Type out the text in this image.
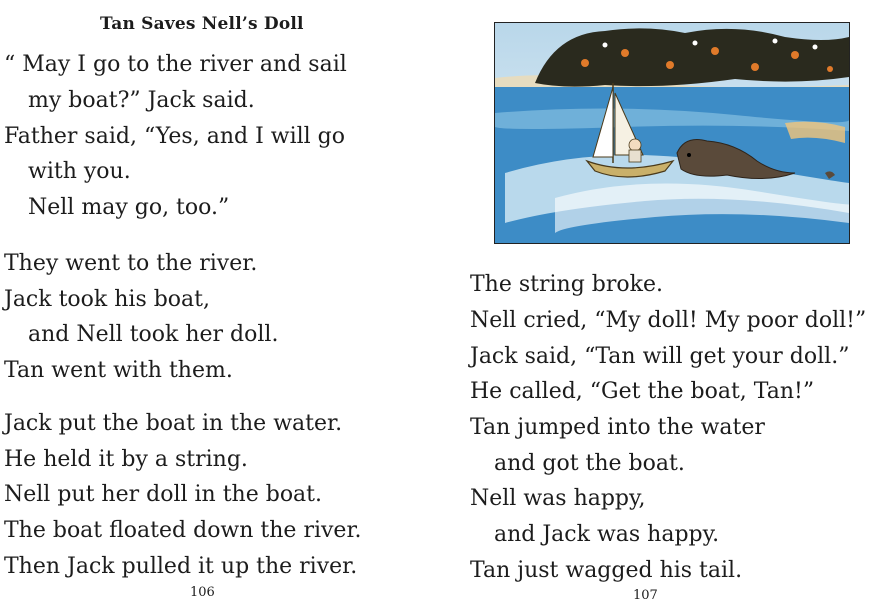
Tan Saves Nell’s Doll
“ May I go to the river and sail
my boat?” Jack said.
Father said, “Yes, and I will go
with you.
Nell may go, too.”
They went to the river.
Jack took his boat,
and Nell took her doll.
Tan went with them.
Jack put the boat in the water.
He held it by a string.
Nell put her doll in the boat.
The boat floated down the river.
Then Jack pulled it up the river.
106
The string broke.
Nell cried, “My doll! My poor doll!”
Jack said, “Tan will get your doll.”
He called, “Get the boat, Tan!”
Tan jumped into the water
and got the boat.
Nell was happy,
and Jack was happy.
Tan just wagged his tail.
107
